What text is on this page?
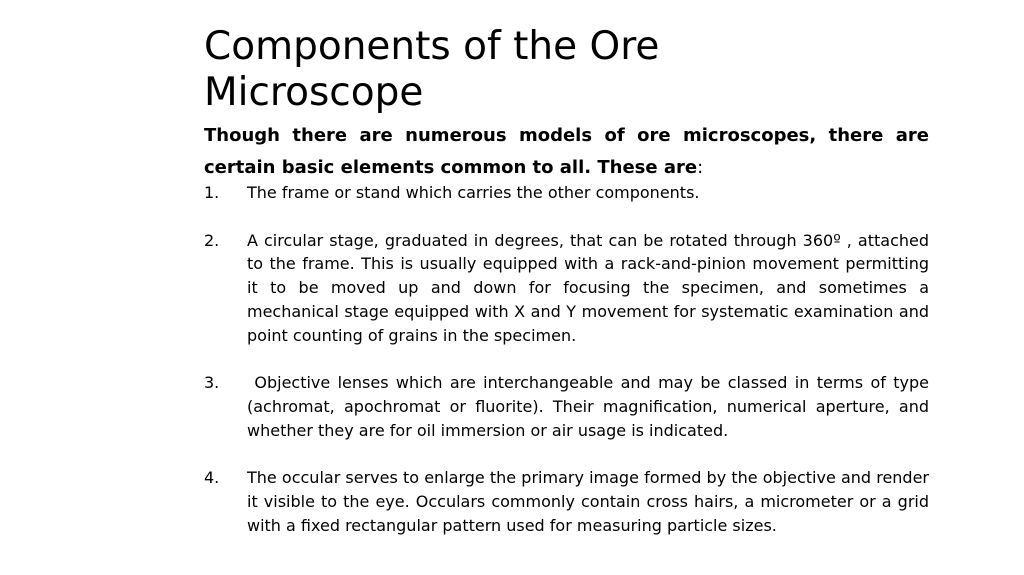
Components of the Ore Microscope

Though there are numerous models of ore microscopes, there are certain basic elements common to all. These are:

1.	The frame or stand which carries the other components.
2.	A circular stage, graduated in degrees, that can be rotated through 360º , attached to the frame. This is usually equipped with a rack-and-pinion movement permitting it to be moved up and down for focusing the specimen, and sometimes a mechanical stage equipped with X and Y movement for systematic examination and point counting of grains in the specimen.
3.	Objective lenses which are interchangeable and may be classed in terms of type (achromat, apochromat or fluorite). Their magnification, numerical aperture, and whether they are for oil immersion or air usage is indicated.
4.	The occular serves to enlarge the primary image formed by the objective and render it visible to the eye. Occulars commonly contain cross hairs, a micrometer or a grid with a fixed rectangular pattern used for measuring particle sizes.
